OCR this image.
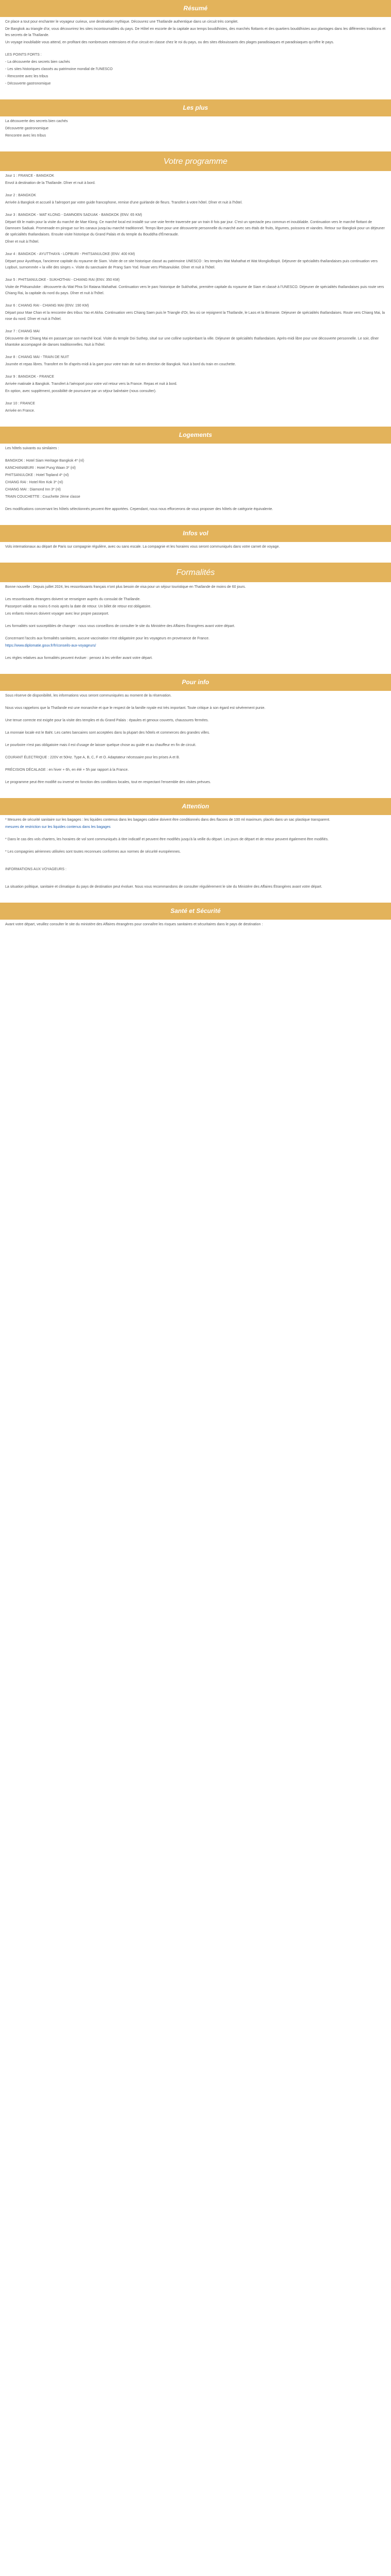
Résumé

Ce place a tout pour enchanter le voyageur curieux, une destination mythique. Découvrez une Thaïlande authentique dans un circuit très complet.

De Bangkok au triangle d'or, vous découvrirez les sites incontournables du pays. De Hôtel en escorte de la capitale aux temps bouddhistes, des marchés flottants et des quartiers bouddhistes aux plantages dans les différentes traditions et les secrets de la Thaïlande.

Un voyage inoubliable vous attend, en profitant des nombreuses extensions et d'un circuit en classe chez le roi du pays, ou des sites éblouissants des plages paradisiaques et paradisiaques qu'offre le pays.

LES POINTS FORTS :

- La découverte des secrets bien cachés

- Les sites historiques classés au patrimoine mondial de l'UNESCO

- Rencontre avec les tribus

- Découverte gastronomique

Les plus

La découverte des secrets bien cachés

Découverte gastronomique

Rencontre avec les tribus

Votre programme

Jour 1 : FRANCE - BANGKOK

Envol à destination de la Thaïlande. Dîner et nuit à bord.

Jour 2 : BANGKOK

Arrivée à Bangkok et accueil à l'aéroport par votre guide francophone, remise d'une guirlande de fleurs. Transfert à votre hôtel. Dîner et nuit à l'hôtel.

Jour 3 : BANGKOK - WAT KLONG - DAMNOEN SADUAK - BANGKOK (ENV. 65 KM)

Départ tôt le matin pour la visite du marché de Mae Klong. Ce marché local est installé sur une voie ferrée traversée par un train 8 fois par jour. C'est un spectacle peu commun et inoubliable. Continuation vers le marché flottant de Damnoen Saduak. Promenade en pirogue sur les canaux jusqu'au marché traditionnel. Temps libre pour une découverte personnelle du marché avec ses étals de fruits, légumes, poissons et viandes. Retour sur Bangkok pour un déjeuner de spécialités thaïlandaises. Ensuite visite historique du Grand Palais et du temple du Bouddha d'Émeraude.

Dîner et nuit à l'hôtel.

Jour 4 : BANGKOK - AYUTTHAYA - LOPBURI - PHITSANULOKE (ENV. 400 KM)

Départ pour Ayutthaya, l'ancienne capitale du royaume de Siam. Visite de ce site historique classé au patrimoine UNESCO : les temples Wat Mahathat et Wat Mongkolbopit. Déjeuner de spécialités thaïlandaises puis continuation vers Lopburi, surnommée « la ville des singes ». Visite du sanctuaire de Prang Sam Yod. Route vers Phitsanuloke. Dîner et nuit à l'hôtel.

Jour 5 : PHITSANULOKE - SUKHOTHAI - CHIANG RAI (ENV. 350 KM)

Visite de Phitsanuloke : découverte du Wat Phra Sri Ratana Mahathat. Continuation vers le parc historique de Sukhothai, première capitale du royaume de Siam et classé à l'UNESCO. Déjeuner de spécialités thaïlandaises puis route vers Chiang Rai, la capitale du nord du pays. Dîner et nuit à l'hôtel.

Jour 6 : CHIANG RAI - CHIANG MAI (ENV. 190 KM)

Départ pour Mae Chan et la rencontre des tribus Yao et Akha. Continuation vers Chiang Saen puis le Triangle d'Or, lieu où se rejoignent la Thaïlande, le Laos et la Birmanie. Déjeuner de spécialités thaïlandaises. Route vers Chiang Mai, la rose du nord. Dîner et nuit à l'hôtel.

Jour 7 : CHIANG MAI

Découverte de Chiang Mai en passant par son marché local. Visite du temple Doi Suthep, situé sur une colline surplombant la ville. Déjeuner de spécialités thaïlandaises. Après-midi libre pour une découverte personnelle. Le soir, dîner khantoke accompagné de danses traditionnelles. Nuit à l'hôtel.

Jour 8 : CHIANG MAI - TRAIN DE NUIT

Journée et repas libres. Transfert en fin d'après-midi à la gare pour votre train de nuit en direction de Bangkok. Nuit à bord du train en couchette.

Jour 9 : BANGKOK - FRANCE

Arrivée matinale à Bangkok. Transfert à l'aéroport pour votre vol retour vers la France. Repas et nuit à bord.

En option, avec supplément, possibilité de poursuivre par un séjour balnéaire (nous consulter).

Jour 10 : FRANCE

Arrivée en France.

Logements

Les hôtels suivants ou similaires :

BANGKOK : Hotel Siam Heritage Bangkok 4* (nl)

KANCHANABURI : Hotel Pung Waan 3* (nl)

PHITSANULOKE : Hotel Topland 4* (nl)

CHIANG RAI : Hotel Rim Kok 3* (nl)

CHIANG MAI : Diamond Inn 3* (nl)

TRAIN COUCHETTE : Couchette 2ème classe

Des modifications concernant les hôtels sélectionnés peuvent être apportées. Cependant, nous nous efforcerons de vous proposer des hôtels de catégorie équivalente.

Infos vol

Vols internationaux au départ de Paris sur compagnie régulière, avec ou sans escale. La compagnie et les horaires vous seront communiqués dans votre carnet de voyage.

Formalités

Bonne nouvelle : Depuis juillet 2024, les ressortissants français n'ont plus besoin de visa pour un séjour touristique en Thaïlande de moins de 60 jours.

Les ressortissants étrangers doivent se renseigner auprès du consulat de Thaïlande.

Passeport valide au moins 6 mois après la date de retour. Un billet de retour est obligatoire.

Les enfants mineurs doivent voyager avec leur propre passeport.

Les formalités sont susceptibles de changer : nous vous conseillons de consulter le site du Ministère des Affaires Étrangères avant votre départ.

Concernant l'accès aux formalités sanitaires, aucune vaccination n'est obligatoire pour les voyageurs en provenance de France.

https://www.diplomatie.gouv.fr/fr/conseils-aux-voyageurs/

Les règles relatives aux formalités peuvent évoluer : pensez à les vérifier avant votre départ.

Pour info

Sous réserve de disponibilité, les informations vous seront communiquées au moment de la réservation.

Nous vous rappelons que la Thaïlande est une monarchie et que le respect de la famille royale est très important. Toute critique à son égard est sévèrement punie.

Une tenue correcte est exigée pour la visite des temples et du Grand Palais : épaules et genoux couverts, chaussures fermées.

La monnaie locale est le Baht. Les cartes bancaires sont acceptées dans la plupart des hôtels et commerces des grandes villes.

Le pourboire n'est pas obligatoire mais il est d'usage de laisser quelque chose au guide et au chauffeur en fin de circuit.

COURANT ÉLECTRIQUE : 220V et 50Hz. Type A, B, C, F et O. Adaptateur nécessaire pour les prises A et B.

PRÉCISION DÉCALAGE : en hiver + 6h, en été + 5h par rapport à la France.

Le programme peut être modifié ou inversé en fonction des conditions locales, tout en respectant l'ensemble des visites prévues.

Attention

* Mesures de sécurité sanitaire sur les bagages : les liquides contenus dans les bagages cabine doivent être conditionnés dans des flacons de 100 ml maximum, placés dans un sac plastique transparent.

mesures de restriction sur les liquides contenus dans les bagages

* Dans le cas des vols charters, les horaires de vol sont communiqués à titre indicatif et peuvent être modifiés jusqu'à la veille du départ. Les jours de départ et de retour peuvent également être modifiés.

* Les compagnies aériennes utilisées sont toutes reconnues conformes aux normes de sécurité européennes.

INFORMATIONS AUX VOYAGEURS :

La situation politique, sanitaire et climatique du pays de destination peut évoluer. Nous vous recommandons de consulter régulièrement le site du Ministère des Affaires Étrangères avant votre départ.

Santé et Sécurité

Avant votre départ, veuillez consulter le site du ministère des Affaires étrangères pour connaître les risques sanitaires et sécuritaires dans le pays de destination :
